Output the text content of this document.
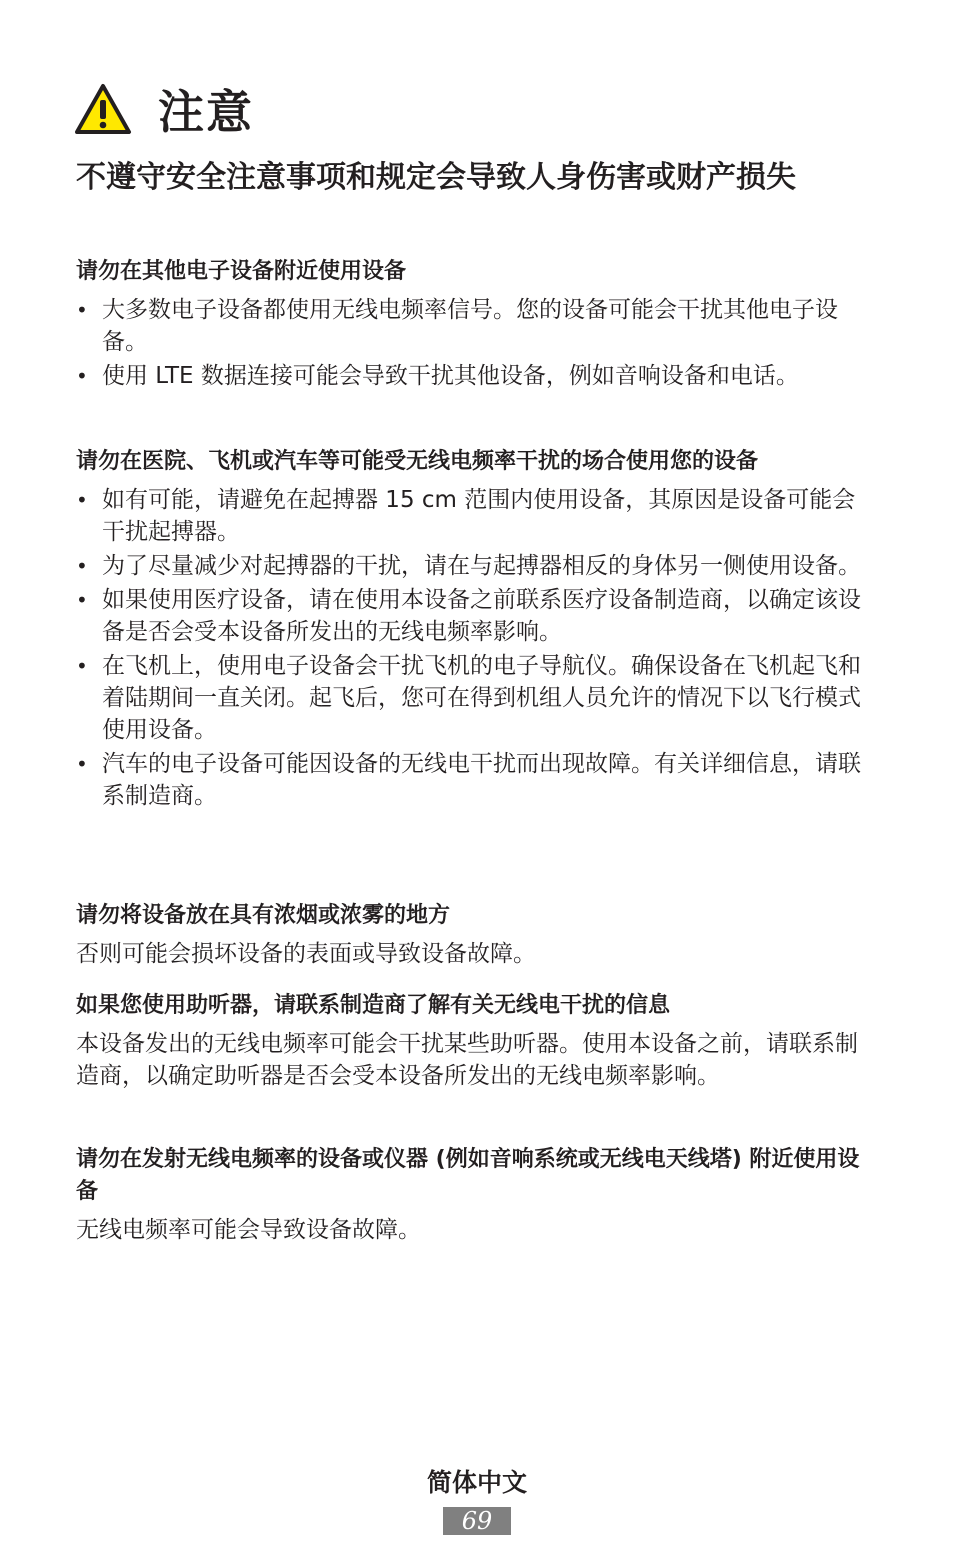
注意
不遵守安全注意事项和规定会导致人身伤害或财产损失

请勿在其他电子设备附近使用设备

• 大多数电子设备都使用无线电频率信号。您的设备可能会干扰其他电子设备。
• 使用 LTE 数据连接可能会导致干扰其他设备，例如音响设备和电话。

请勿在医院、飞机或汽车等可能受无线电频率干扰的场合使用您的设备

• 如有可能，请避免在起搏器 15 cm 范围内使用设备，其原因是设备可能会干扰起搏器。
• 为了尽量减少对起搏器的干扰，请在与起搏器相反的身体另一侧使用设备。
• 如果使用医疗设备，请在使用本设备之前联系医疗设备制造商，以确定该设备是否会受本设备所发出的无线电频率影响。
• 在飞机上，使用电子设备会干扰飞机的电子导航仪。确保设备在飞机起飞和着陆期间一直关闭。起飞后，您可在得到机组人员允许的情况下以飞行模式使用设备。
• 汽车的电子设备可能因设备的无线电干扰而出现故障。有关详细信息，请联系制造商。

请勿将设备放在具有浓烟或浓雾的地方

否则可能会损坏设备的表面或导致设备故障。

如果您使用助听器，请联系制造商了解有关无线电干扰的信息

本设备发出的无线电频率可能会干扰某些助听器。使用本设备之前，请联系制造商，以确定助听器是否会受本设备所发出的无线电频率影响。

请勿在发射无线电频率的设备或仪器 (例如音响系统或无线电天线塔) 附近使用设备

无线电频率可能会导致设备故障。

简体中文
69
